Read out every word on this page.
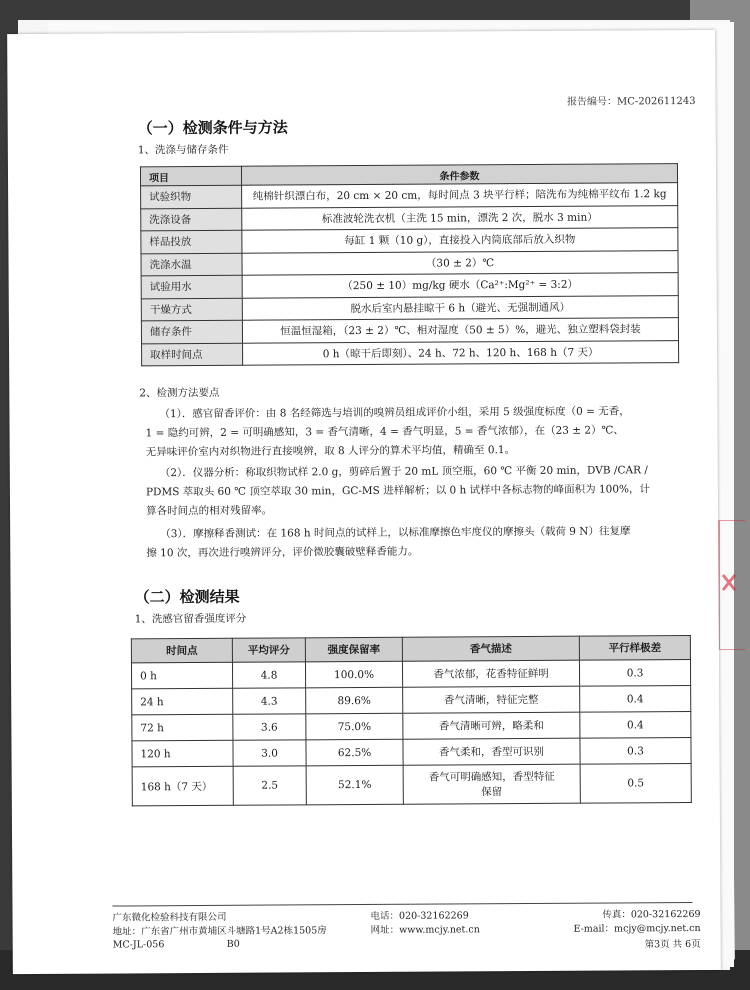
报告编号：MC-202611243
（一）检测条件与方法
1、洗涤与储存条件
项目	条件参数
试验织物	纯棉针织漂白布，20 cm × 20 cm，每时间点 3 块平行样；陪洗布为纯棉平纹布 1.2 kg
洗涤设备	标准波轮洗衣机（主洗 15 min，漂洗 2 次，脱水 3 min）
样品投放	每缸 1 颗（10 g），直接投入内筒底部后放入织物
洗涤水温	（30 ± 2）℃
试验用水	（250 ± 10）mg/kg 硬水（Ca²⁺:Mg²⁺ = 3:2）
干燥方式	脱水后室内悬挂晾干 6 h（避光、无强制通风）
储存条件	恒温恒湿箱，（23 ± 2）℃、相对湿度（50 ± 5）%，避光、独立塑料袋封装
取样时间点	0 h（晾干后即刻）、24 h、72 h、120 h、168 h（7 天）
2、检测方法要点
（1）．感官留香评价：由 8 名经筛选与培训的嗅辨员组成评价小组，采用 5 级强度标度（0 = 无香，
1 = 隐约可辨，2 = 可明确感知，3 = 香气清晰，4 = 香气明显，5 = 香气浓郁），在（23 ± 2）℃、
无异味评价室内对织物进行直接嗅辨，取 8 人评分的算术平均值，精确至 0.1。
（2）．仪器分析：称取织物试样 2.0 g，剪碎后置于 20 mL 顶空瓶，60 ℃ 平衡 20 min，DVB /CAR /
PDMS 萃取头 60 ℃ 顶空萃取 30 min，GC-MS 进样解析；以 0 h 试样中各标志物的峰面积为 100%，计
算各时间点的相对残留率。
（3）．摩擦释香测试：在 168 h 时间点的试样上，以标准摩擦色牢度仪的摩擦头（载荷 9 N）往复摩
擦 10 次，再次进行嗅辨评分，评价微胶囊破壁释香能力。
（二）检测结果
1、洗感官留香强度评分
时间点	平均评分	强度保留率	香气描述	平行样极差
0 h	4.8	100.0%	香气浓郁，花香特征鲜明	0.3
24 h	4.3	89.6%	香气清晰，特征完整	0.4
72 h	3.6	75.0%	香气清晰可辨，略柔和	0.4
120 h	3.0	62.5%	香气柔和，香型可识别	0.3
168 h（7 天）	2.5	52.1%	香气可明确感知，香型特征
保留	0.5
广东微化检验科技有限公司
地址：广东省广州市黄埔区斗塘路1号A2栋1505房
MC-JL-056	B0
电话：020-32162269
网址：www.mcjy.net.cn
传真：020-32162269
E-mail：mcjy@mcjy.net.cn
第3页 共 6页
